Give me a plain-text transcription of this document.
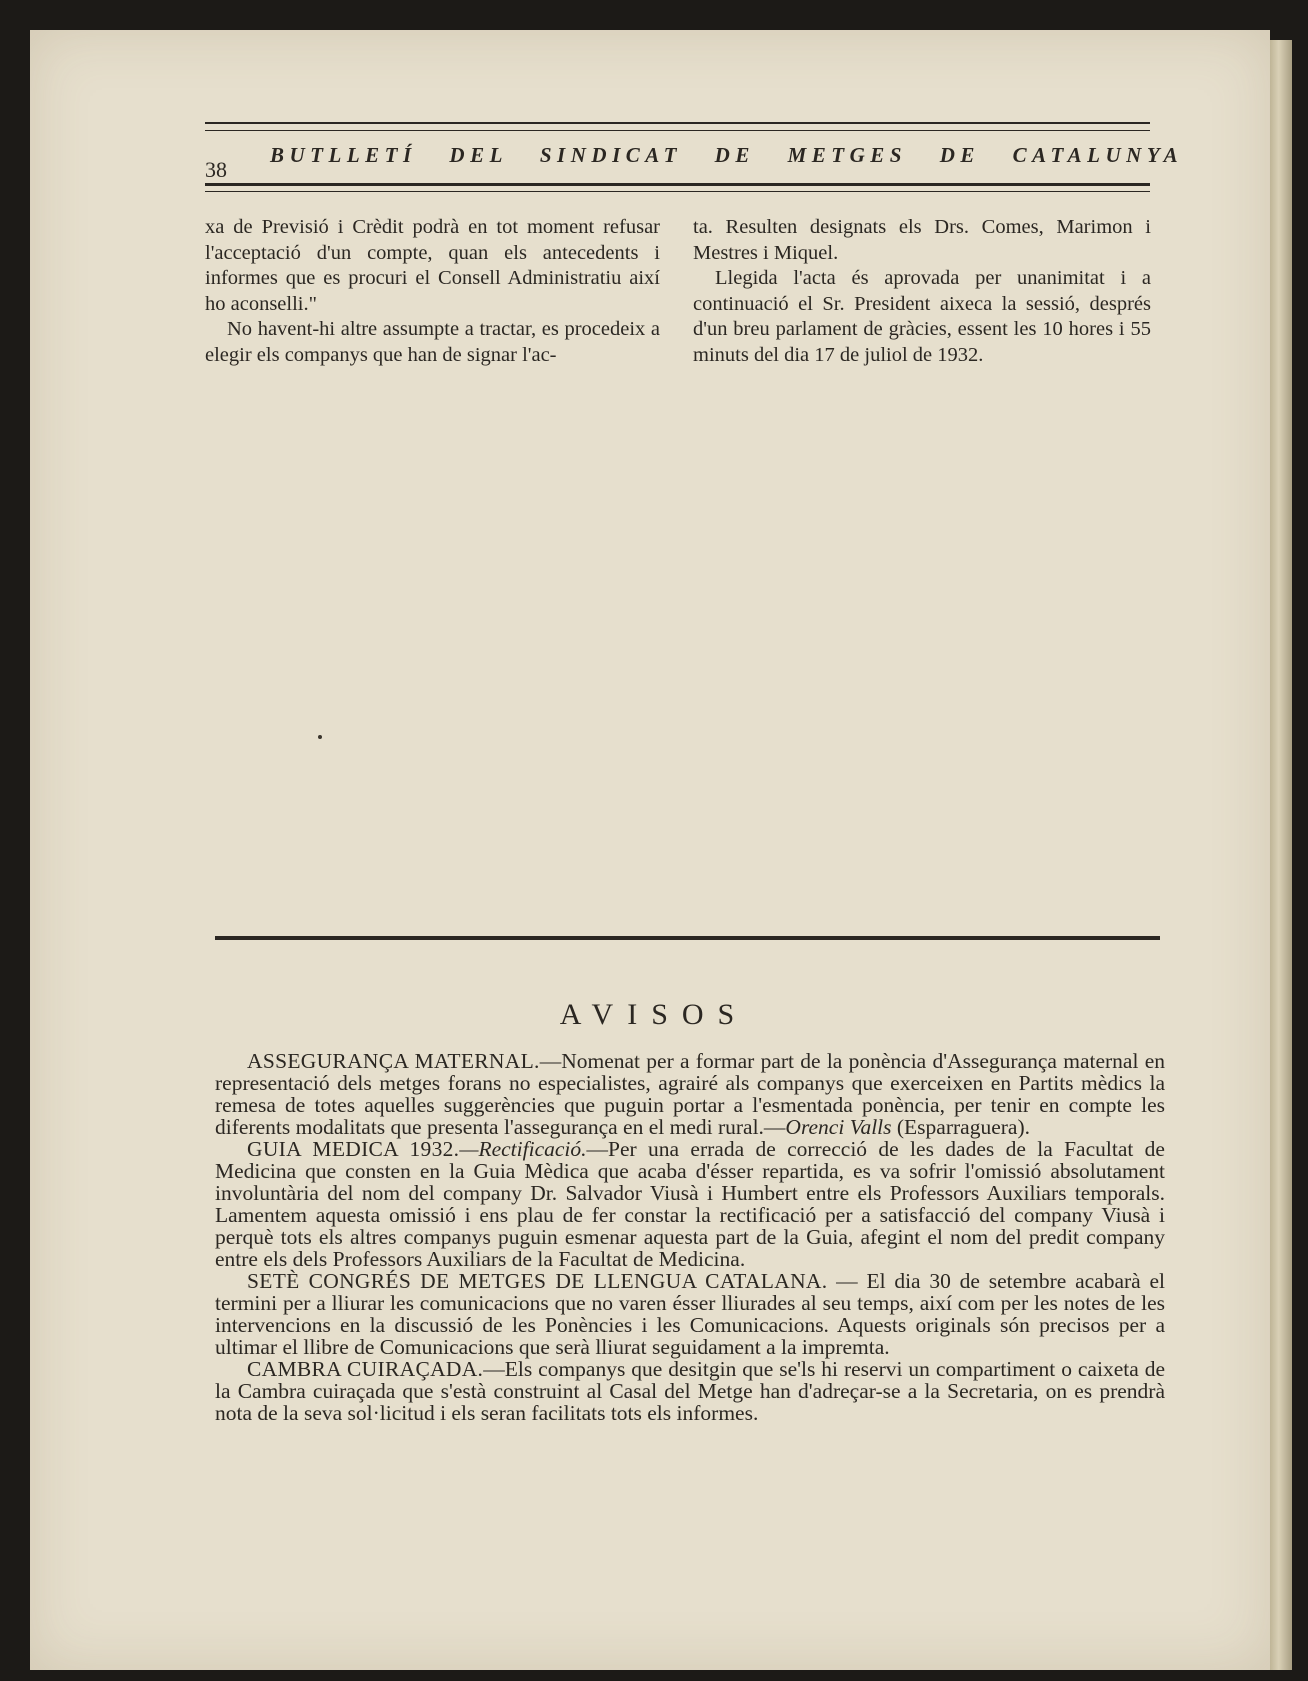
38
BUTLLETÍ DEL SINDICAT DE METGES DE CATALUNYA

xa de Previsió i Crèdit podrà en tot moment refusar l'acceptació d'un compte, quan els antecedents i informes que es procuri el Consell Administratiu així ho aconselli."

No havent-hi altre assumpte a tractar, es procedeix a elegir els companys que han de signar l'ac-

ta. Resulten designats els Drs. Comes, Marimon i Mestres i Miquel.

Llegida l'acta és aprovada per unanimitat i a continuació el Sr. President aixeca la sessió, després d'un breu parlament de gràcies, essent les 10 hores i 55 minuts del dia 17 de juliol de 1932.

AVISOS

ASSEGURANÇA MATERNAL.—Nomenat per a formar part de la ponència d'Assegurança maternal en representació dels metges forans no especialistes, agrairé als companys que exerceixen en Partits mèdics la remesa de totes aquelles suggerències que puguin portar a l'esmentada ponència, per tenir en compte les diferents modalitats que presenta l'assegurança en el medi rural.—Orenci Valls (Esparraguera).

GUIA MEDICA 1932.—Rectificació.—Per una errada de correcció de les dades de la Facultat de Medicina que consten en la Guia Mèdica que acaba d'ésser repartida, es va sofrir l'omissió absolutament involuntària del nom del company Dr. Salvador Viusà i Humbert entre els Professors Auxiliars temporals. Lamentem aquesta omissió i ens plau de fer constar la rectificació per a satisfacció del company Viusà i perquè tots els altres companys puguin esmenar aquesta part de la Guia, afegint el nom del predit company entre els dels Professors Auxiliars de la Facultat de Medicina.

SETÈ CONGRÉS DE METGES DE LLENGUA CATALANA. — El dia 30 de setembre acabarà el termini per a lliurar les comunicacions que no varen ésser lliurades al seu temps, així com per les notes de les intervencions en la discussió de les Ponències i les Comunicacions. Aquests originals són precisos per a ultimar el llibre de Comunicacions que serà lliurat seguidament a la impremta.

CAMBRA CUIRAÇADA.—Els companys que desitgin que se'ls hi reservi un compartiment o caixeta de la Cambra cuiraçada que s'està construint al Casal del Metge han d'adreçar-se a la Secretaria, on es prendrà nota de la seva sol·licitud i els seran facilitats tots els informes.
